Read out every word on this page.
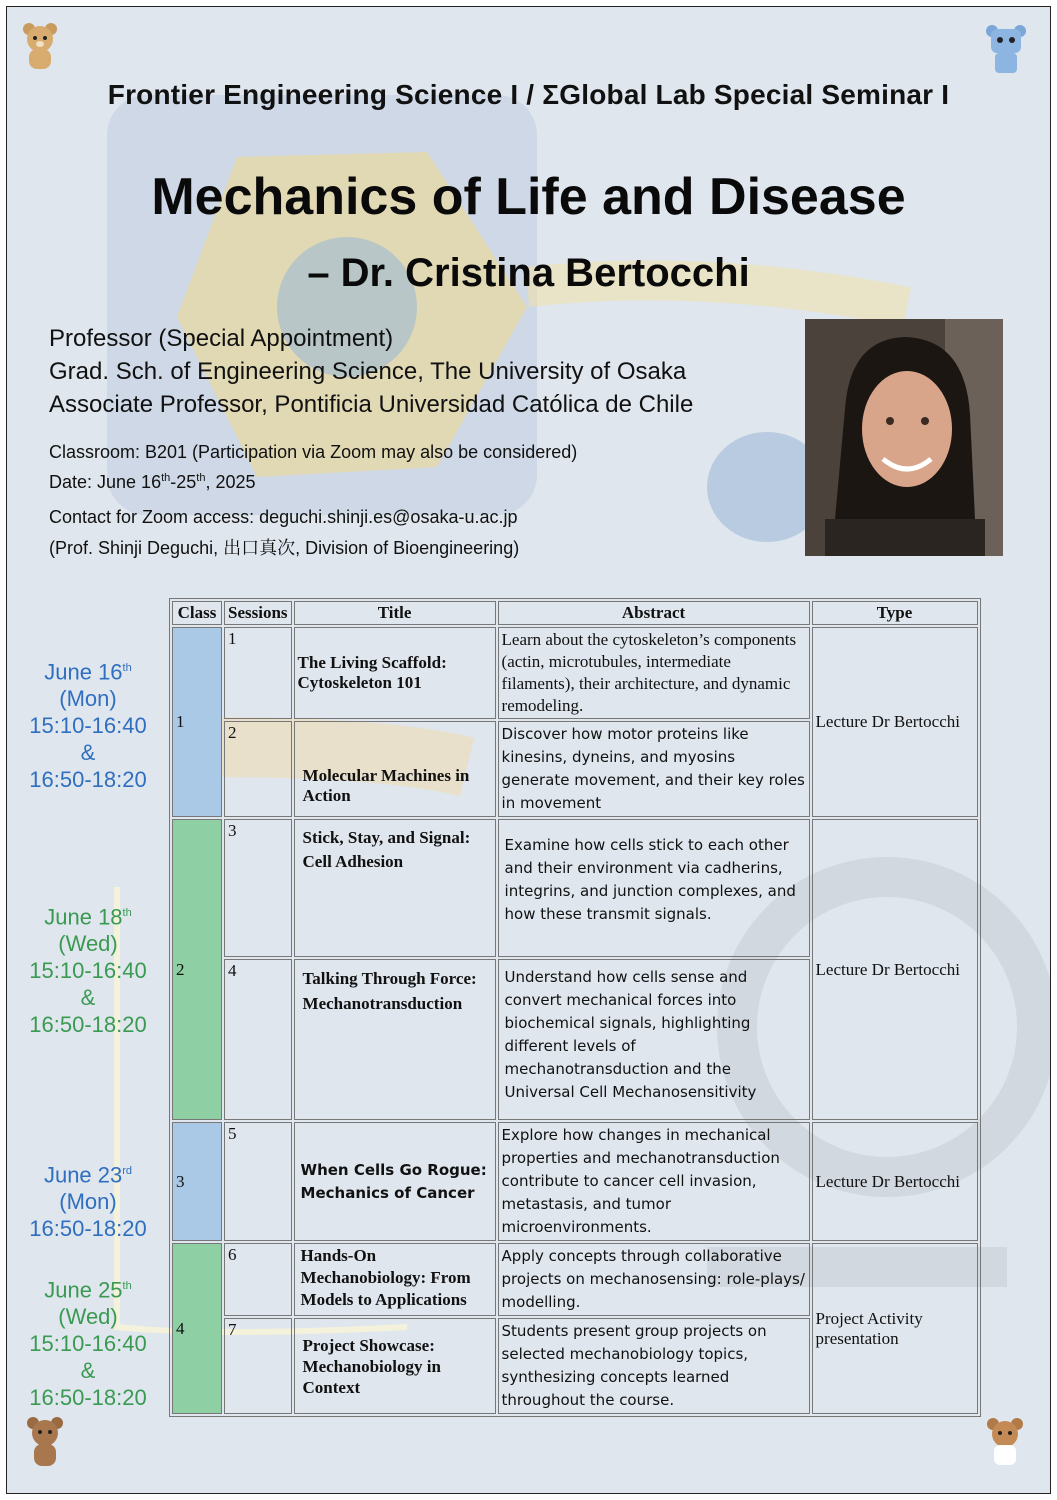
Frontier Engineering Science I / ΣGlobal Lab Special Seminar I
Mechanics of Life and Disease
– Dr. Cristina Bertocchi
Professor (Special Appointment)
Grad. Sch. of Engineering Science, The University of Osaka
Associate Professor, Pontificia Universidad Católica de Chile
Classroom: B201 (Participation via Zoom may also be considered)
Date: June 16th-25th, 2025
Contact for Zoom access: deguchi.shinji.es@osaka-u.ac.jp
(Prof. Shinji Deguchi, 出口真次, Division of Bioengineering)
June 16th
(Mon)
15:10-16:40
&
16:50-18:20
June 18th
(Wed)
15:10-16:40
&
16:50-18:20
June 23rd
(Mon)
16:50-18:20
June 25th
(Wed)
15:10-16:40
&
16:50-18:20
Class	Sessions	Title	Abstract	Type
1	1	The Living Scaffold: Cytoskeleton 101	Learn about the cytoskeleton’s components (actin, microtubules, intermediate filaments), their architecture, and dynamic remodeling.	Lecture Dr Bertocchi
	2	Molecular Machines in Action	Discover how motor proteins like kinesins, dyneins, and myosins generate movement, and their key roles in movement	
2	3	Stick, Stay, and Signal: Cell Adhesion	Examine how cells stick to each other and their environment via cadherins, integrins, and junction complexes, and how these transmit signals.	Lecture Dr Bertocchi
	4	Talking Through Force: Mechanotransduction	Understand how cells sense and convert mechanical forces into biochemical signals, highlighting different levels of mechanotransduction and the Universal Cell Mechanosensitivity	
3	5	When Cells Go Rogue: Mechanics of Cancer	Explore how changes in mechanical properties and mechanotransduction contribute to cancer cell invasion, metastasis, and tumor microenvironments.	Lecture Dr Bertocchi
4	6	Hands-On Mechanobiology: From Models to Applications	Apply concepts through collaborative projects on mechanosensing: role-plays/ modelling.	Project Activity presentation
	7	Project Showcase: Mechanobiology in Context	Students present group projects on selected mechanobiology topics, synthesizing concepts learned throughout the course.	
